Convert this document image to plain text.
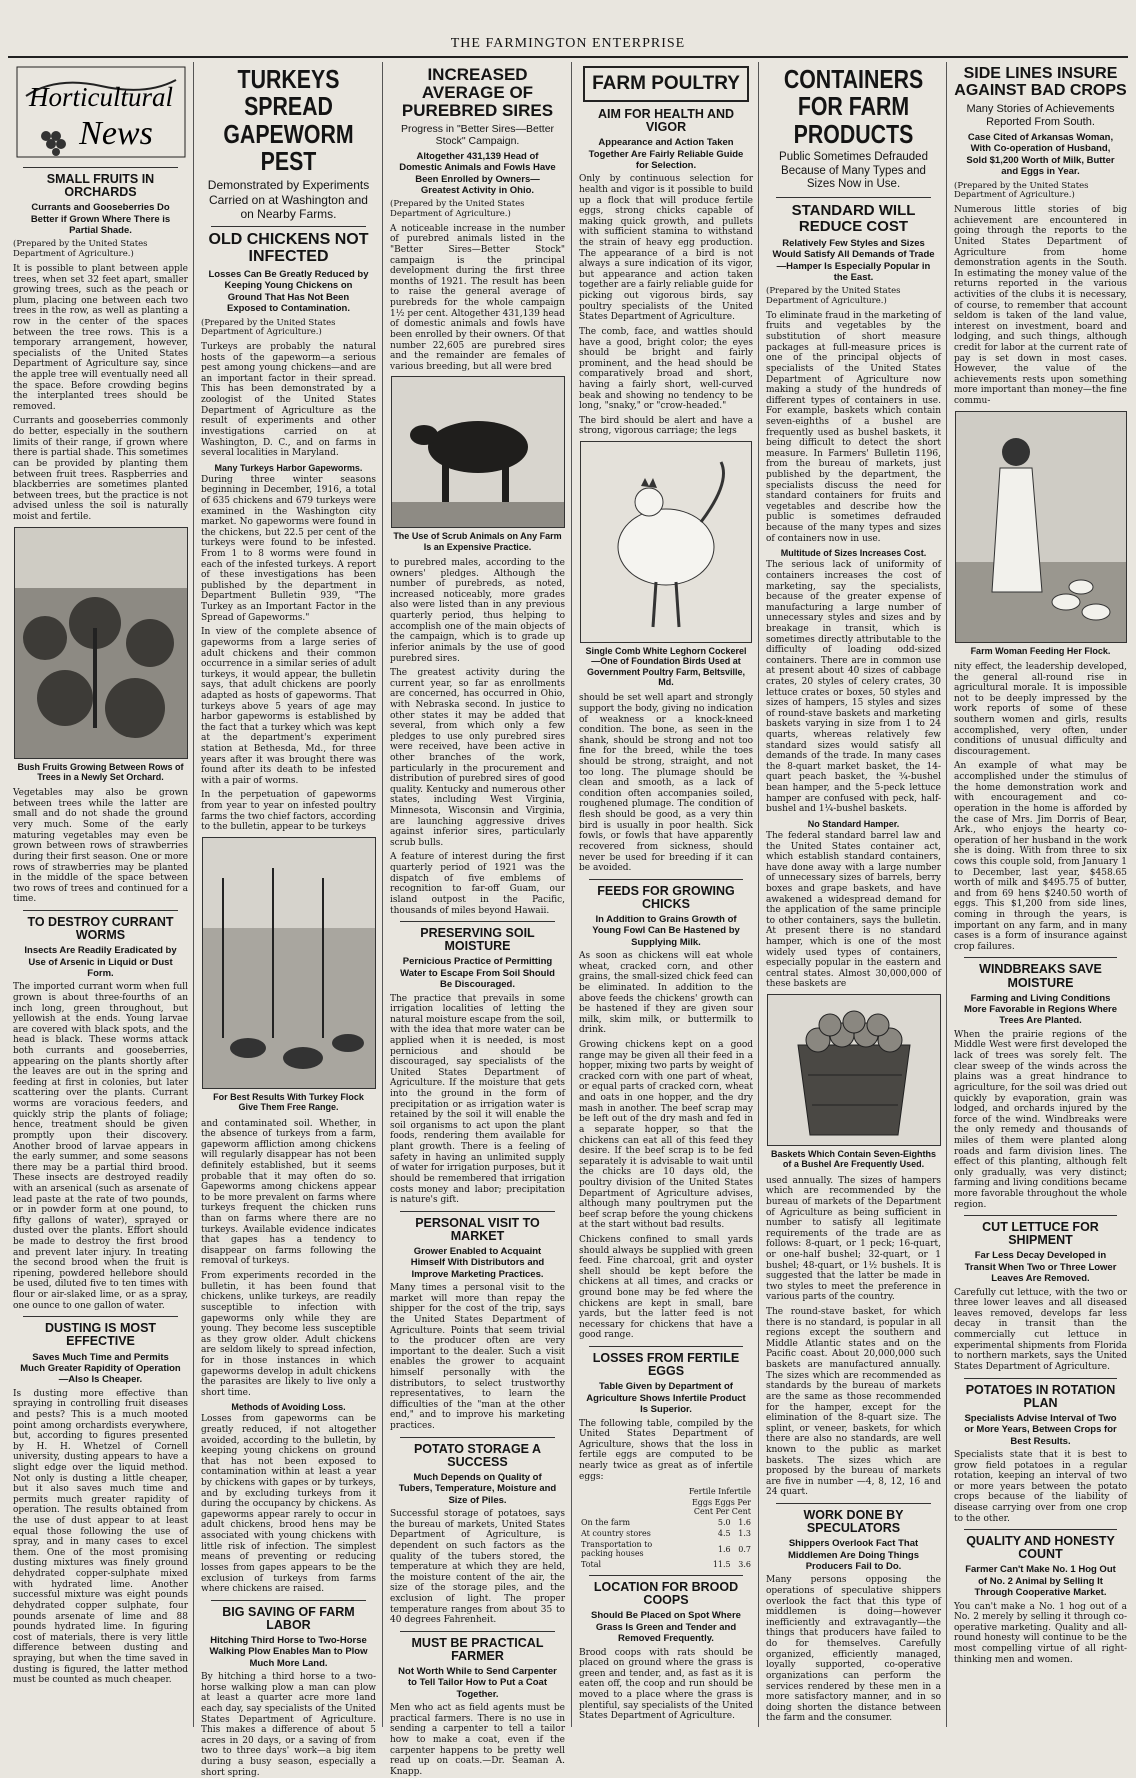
THE FARMINGTON ENTERPRISE
Horticultural
News
SMALL FRUITS IN ORCHARDS
Currants and Gooseberries Do Better if Grown Where There is Partial Shade.
(Prepared by the United States Department of Agriculture.)

It is possible to plant between apple trees, when set 32 feet apart, smaller growing trees, such as the peach or plum, placing one between each two trees in the row, as well as planting a row in the center of the spaces between the tree rows. This is a temporary arrangement, however, specialists of the United States Department of Agriculture say, since the apple tree will eventually need all the space. Before crowding begins the interplanted trees should be removed.

Currants and gooseberries commonly do better, especially in the southern limits of their range, if grown where there is partial shade. This sometimes can be provided by planting them between fruit trees. Raspberries and blackberries are sometimes planted between trees, but the practice is not advised unless the soil is naturally moist and fertile.

Bush Fruits Growing Between Rows of Trees in a Newly Set Orchard.

Vegetables may also be grown between trees while the latter are small and do not shade the ground very much. Some of the early maturing vegetables may even be grown between rows of strawberries during their first season. One or more rows of strawberries may be planted in the middle of the space between two rows of trees and continued for a time.

TO DESTROY CURRANT WORMS
Insects Are Readily Eradicated by Use of Arsenic in Liquid or Dust Form.

The imported currant worm when full grown is about three-fourths of an inch long, green throughout, but yellowish at the ends. Young larvae are covered with black spots, and the head is black. These worms attack both currants and gooseberries, appearing on the plants shortly after the leaves are out in the spring and feeding at first in colonies, but later scattering over the plants. Currant worms are voracious feeders, and quickly strip the plants of foliage; hence, treatment should be given promptly upon their discovery. Another brood of larvae appears in the early summer, and some seasons there may be a partial third brood. These insects are destroyed readily with an arsenical (such as arsenate of lead paste at the rate of two pounds, or in powder form at one pound, to fifty gallons of water), sprayed or dusted over the plants. Effort should be made to destroy the first brood and prevent later injury. In treating the second brood when the fruit is ripening, powdered hellebore should be used, diluted five to ten times with flour or air-slaked lime, or as a spray, one ounce to one gallon of water.

DUSTING IS MOST EFFECTIVE
Saves Much Time and Permits Much Greater Rapidity of Operation—Also Is Cheaper.

Is dusting more effective than spraying in controlling fruit diseases and pests? This is a much mooted point among orchardists everywhere, but, according to figures presented by H. H. Whetzel of Cornell university, dusting appears to have a slight edge over the liquid method. Not only is dusting a little cheaper, but it also saves much time and permits much greater rapidity of operation. The results obtained from the use of dust appear to at least equal those following the use of spray, and in many cases to excel them. One of the most promising dusting mixtures was finely ground dehydrated copper-sulphate mixed with hydrated lime. Another successful mixture was eight pounds dehydrated copper sulphate, four pounds arsenate of lime and 88 pounds hydrated lime. In figuring cost of materials, there is very little difference between dusting and spraying, but when the time saved in dusting is figured, the latter method must be counted as much cheaper.

TURKEYS SPREAD GAPEWORM PEST
Demonstrated by Experiments Carried on at Washington and on Nearby Farms.
OLD CHICKENS NOT INFECTED
Losses Can Be Greatly Reduced by Keeping Young Chickens on Ground That Has Not Been Exposed to Contamination.
(Prepared by the United States Department of Agriculture.)

Turkeys are probably the natural hosts of the gapeworm—a serious pest among young chickens—and are an important factor in their spread. This has been demonstrated by a zoologist of the United States Department of Agriculture as the result of experiments and other investigations carried on at Washington, D. C., and on farms in several localities in Maryland.

Many Turkeys Harbor Gapeworms.

During three winter seasons beginning in December, 1916, a total of 635 chickens and 679 turkeys were examined in the Washington city market. No gapeworms were found in the chickens, but 22.5 per cent of the turkeys were found to be infested. From 1 to 8 worms were found in each of the infested turkeys. A report of these investigations has been published by the department in Department Bulletin 939, "The Turkey as an Important Factor in the Spread of Gapeworms."

In view of the complete absence of gapeworms from a large series of adult chickens and their common occurrence in a similar series of adult turkeys, it would appear, the bulletin says, that adult chickens are poorly adapted as hosts of gapeworms. That turkeys above 5 years of age may harbor gapeworms is established by the fact that a turkey which was kept at the department's experiment station at Bethesda, Md., for three years after it was brought there was found after its death to be infested with a pair of worms.

In the perpetuation of gapeworms from year to year on infested poultry farms the two chief factors, according to the bulletin, appear to be turkeys

For Best Results With Turkey Flock Give Them Free Range.

and contaminated soil. Whether, in the absence of turkeys from a farm, gapeworm affliction among chickens will regularly disappear has not been definitely established, but it seems probable that it may often do so. Gapeworms among chickens appear to be more prevalent on farms where turkeys frequent the chicken runs than on farms where there are no turkeys. Available evidence indicates that gapes has a tendency to disappear on farms following the removal of turkeys.

From experiments recorded in the bulletin, it has been found that chickens, unlike turkeys, are readily susceptible to infection with gapeworms only while they are young. They become less susceptible as they grow older. Adult chickens are seldom likely to spread infection, for in those instances in which gapeworms develop in adult chickens the parasites are likely to live only a short time.

Methods of Avoiding Loss.

Losses from gapeworms can be greatly reduced, if not altogether avoided, according to the bulletin, by keeping young chickens on ground that has not been exposed to contamination within at least a year by chickens with gapes or by turkeys, and by excluding turkeys from it during the occupancy by chickens. As gapeworms appear rarely to occur in adult chickens, brood hens may be associated with young chickens with little risk of infection. The simplest means of preventing or reducing losses from gapes appears to be the exclusion of turkeys from farms where chickens are raised.

BIG SAVING OF FARM LABOR
Hitching Third Horse to Two-Horse Walking Plow Enables Man to Plow Much More Land.

By hitching a third horse to a two-horse walking plow a man can plow at least a quarter acre more land each day, say specialists of the United States Department of Agriculture. This makes a difference of about 5 acres in 20 days, or a saving of from two to three days' work—a big item during a busy season, especially a short spring.

INCREASED AVERAGE OF PUREBRED SIRES
Progress in "Better Sires—Better Stock" Campaign.
Altogether 431,139 Head of Domestic Animals and Fowls Have Been Enrolled by Owners—Greatest Activity in Ohio.
(Prepared by the United States Department of Agriculture.)

A noticeable increase in the number of purebred animals listed in the "Better Sires—Better Stock" campaign is the principal development during the first three months of 1921. The result has been to raise the general average of purebreds for the whole campaign 1½ per cent. Altogether 431,139 head of domestic animals and fowls have been enrolled by their owners. Of that number 22,605 are purebred sires and the remainder are females of various breeding, but all were bred

The Use of Scrub Animals on Any Farm Is an Expensive Practice.

to purebred males, according to the owners' pledges. Although the number of purebreds, as noted, increased noticeably, more grades also were listed than in any previous quarterly period, thus helping to accomplish one of the main objects of the campaign, which is to grade up inferior animals by the use of good purebred sires.

The greatest activity during the current year, so far as enrollments are concerned, has occurred in Ohio, with Nebraska second. In justice to other states it may be added that several, from which only a few pledges to use only purebred sires were received, have been active in other branches of the work, particularly in the procurement and distribution of purebred sires of good quality. Kentucky and numerous other states, including West Virginia, Minnesota, Wisconsin and Virginia, are launching aggressive drives against inferior sires, particularly scrub bulls.

A feature of interest during the first quarterly period of 1921 was the dispatch of five emblems of recognition to far-off Guam, our island outpost in the Pacific, thousands of miles beyond Hawaii.

PRESERVING SOIL MOISTURE
Pernicious Practice of Permitting Water to Escape From Soil Should Be Discouraged.

The practice that prevails in some irrigation localities of letting the natural moisture escape from the soil, with the idea that more water can be applied when it is needed, is most pernicious and should be discouraged, say specialists of the United States Department of Agriculture. If the moisture that gets into the ground in the form of precipitation or as irrigation water is retained by the soil it will enable the soil organisms to act upon the plant foods, rendering them available for plant growth. There is a feeling of safety in having an unlimited supply of water for irrigation purposes, but it should be remembered that irrigation costs money and labor; precipitation is nature's gift.

PERSONAL VISIT TO MARKET
Grower Enabled to Acquaint Himself With Distributors and Improve Marketing Practices.

Many times a personal visit to the market will more than repay the shipper for the cost of the trip, says the United States Department of Agriculture. Points that seem trivial to the producer often are very important to the dealer. Such a visit enables the grower to acquaint himself personally with the distributors, to select trustworthy representatives, to learn the difficulties of the "man at the other end," and to improve his marketing practices.

POTATO STORAGE A SUCCESS
Much Depends on Quality of Tubers, Temperature, Moisture and Size of Piles.

Successful storage of potatoes, says the bureau of markets, United States Department of Agriculture, is dependent on such factors as the quality of the tubers stored, the temperature at which they are held, the moisture content of the air, the size of the storage piles, and the exclusion of light. The proper temperature ranges from about 35 to 40 degrees Fahrenheit.

MUST BE PRACTICAL FARMER
Not Worth While to Send Carpenter to Tell Tailor How to Put a Coat Together.

Men who act as field agents must be practical farmers. There is no use in sending a carpenter to tell a tailor how to make a coat, even if the carpenter happens to be pretty well read up on coats.—Dr. Seaman A. Knapp.

FARM POULTRY
AIM FOR HEALTH AND VIGOR
Appearance and Action Taken Together Are Fairly Reliable Guide for Selection.

Only by continuous selection for health and vigor is it possible to build up a flock that will produce fertile eggs, strong chicks capable of making quick growth, and pullets with sufficient stamina to withstand the strain of heavy egg production. The appearance of a bird is not always a sure indication of its vigor, but appearance and action taken together are a fairly reliable guide for picking out vigorous birds, say poultry specialists of the United States Department of Agriculture.

The comb, face, and wattles should have a good, bright color; the eyes should be bright and fairly prominent, and the head should be comparatively broad and short, having a fairly short, well-curved beak and showing no tendency to be long, "snaky," or "crow-headed."

The bird should be alert and have a strong, vigorous carriage; the legs

Single Comb White Leghorn Cockerel —One of Foundation Birds Used at Government Poultry Farm, Beltsville, Md.

should be set well apart and strongly support the body, giving no indication of weakness or a knock-kneed condition. The bone, as seen in the shank, should be strong and not too fine for the breed, while the toes should be strong, straight, and not too long. The plumage should be clean and smooth, as a lack of condition often accompanies soiled, roughened plumage. The condition of flesh should be good, as a very thin bird is usually in poor health. Sick fowls, or fowls that have apparently recovered from sickness, should never be used for breeding if it can be avoided.

FEEDS FOR GROWING CHICKS
In Addition to Grains Growth of Young Fowl Can Be Hastened by Supplying Milk.

As soon as chickens will eat whole wheat, cracked corn, and other grains, the small-sized chick feed can be eliminated. In addition to the above feeds the chickens' growth can be hastened if they are given sour milk, skim milk, or buttermilk to drink.

Growing chickens kept on a good range may be given all their feed in a hopper, mixing two parts by weight of cracked corn with one part of wheat, or equal parts of cracked corn, wheat and oats in one hopper, and the dry mash in another. The beef scrap may be left out of the dry mash and fed in a separate hopper, so that the chickens can eat all of this feed they desire. If the beef scrap is to be fed separately it is advisable to wait until the chicks are 10 days old, the poultry division of the United States Department of Agriculture advises, although many poultrymen put the beef scrap before the young chickens at the start without bad results.

Chickens confined to small yards should always be supplied with green feed. Fine charcoal, grit and oyster shell should be kept before the chickens at all times, and cracks or ground bone may be fed where the chickens are kept in small, bare yards, but the latter feed is not necessary for chickens that have a good range.

LOSSES FROM FERTILE EGGS
Table Given by Department of Agriculture Shows Infertile Product Is Superior.

The following table, compiled by the United States Department of Agriculture, shows that the loss in fertile eggs are computed to be nearly twice as great as of infertile eggs:

	Fertile Infertile
	Eggs Eggs Per Cent Per Cent
On the farm	5.0 1.6
At country stores	4.5 1.3
Transportation to packing houses	1.6 0.7
Total	11.5 3.6
LOCATION FOR BROOD COOPS
Should Be Placed on Spot Where Grass Is Green and Tender and Removed Frequently.

Brood coops with rats should be placed on ground where the grass is green and tender, and, as fast as it is eaten off, the coop and run should be moved to a place where the grass is plentiful, say specialists of the United States Department of Agriculture.

CONTAINERS FOR FARM PRODUCTS
Public Sometimes Defrauded Because of Many Types and Sizes Now in Use.
STANDARD WILL REDUCE COST
Relatively Few Styles and Sizes Would Satisfy All Demands of Trade—Hamper Is Especially Popular in the East.
(Prepared by the United States Department of Agriculture.)

To eliminate fraud in the marketing of fruits and vegetables by the substitution of short measure packages at full-measure prices is one of the principal objects of specialists of the United States Department of Agriculture now making a study of the hundreds of different types of containers in use. For example, baskets which contain seven-eighths of a bushel are frequently used as bushel baskets, it being difficult to detect the short measure. In Farmers' Bulletin 1196, from the bureau of markets, just published by the department, the specialists discuss the need for standard containers for fruits and vegetables and describe how the public is sometimes defrauded because of the many types and sizes of containers now in use.

Multitude of Sizes Increases Cost.

The serious lack of uniformity of containers increases the cost of marketing, say the specialists, because of the greater expense of manufacturing a large number of unnecessary styles and sizes and by breakage in transit, which is sometimes directly attributable to the difficulty of loading odd-sized containers. There are in common use at present about 40 sizes of cabbage crates, 20 styles of celery crates, 30 lettuce crates or boxes, 50 styles and sizes of hampers, 15 styles and sizes of round-stave baskets and marketing baskets varying in size from 1 to 24 quarts, whereas relatively few standard sizes would satisfy all demands of the trade. In many cases the 8-quart market basket, the 14-quart peach basket, the ¾-bushel bean hamper, and the 5-peck lettuce hamper are confused with peck, half-bushel and 1¼-bushel baskets.

No Standard Hamper.

The federal standard barrel law and the United States container act, which establish standard containers, have done away with a large number of unnecessary sizes of barrels, berry boxes and grape baskets, and have awakened a widespread demand for the application of the same principle to other containers, says the bulletin. At present there is no standard hamper, which is one of the most widely used types of containers, especially popular in the eastern and central states. Almost 30,000,000 of these baskets are

Baskets Which Contain Seven-Eighths of a Bushel Are Frequently Used.

used annually. The sizes of hampers which are recommended by the bureau of markets of the Department of Agriculture as being sufficient in number to satisfy all legitimate requirements of the trade are as follows: 8-quart, or 1 peck; 16-quart, or one-half bushel; 32-quart, or 1 bushel; 48-quart, or 1½ bushels. It is suggested that the latter be made in two styles to meet the preference in various parts of the country.

The round-stave basket, for which there is no standard, is popular in all regions except the southern and Middle Atlantic states and on the Pacific coast. About 20,000,000 such baskets are manufactured annually. The sizes which are recommended as standards by the bureau of markets are the same as those recommended for the hamper, except for the elimination of the 8-quart size. The splint, or veneer, baskets, for which there are also no standards, are well known to the public as market baskets. The sizes which are proposed by the bureau of markets are five in number —4, 8, 12, 16 and 24 quart.

WORK DONE BY SPECULATORS
Shippers Overlook Fact That Middlemen Are Doing Things Producers Fail to Do.

Many persons opposing the operations of speculative shippers overlook the fact that this type of middlemen is doing—however inefficiently and extravagantly—the things that producers have failed to do for themselves. Carefully organized, efficiently managed, loyally supported, co-operative organizations can perform the services rendered by these men in a more satisfactory manner, and in so doing shorten the distance between the farm and the consumer.

SIDE LINES INSURE AGAINST BAD CROPS
Many Stories of Achievements Reported From South.
Case Cited of Arkansas Woman, With Co-operation of Husband, Sold $1,200 Worth of Milk, Butter and Eggs in Year.
(Prepared by the United States Department of Agriculture.)

Numerous little stories of big achievement are encountered in going through the reports to the United States Department of Agriculture from home demonstration agents in the South. In estimating the money value of the returns reported in the various activities of the clubs it is necessary, of course, to remember that account seldom is taken of the land value, interest on investment, board and lodging, and such things, although credit for labor at the current rate of pay is set down in most cases. However, the value of the achievements rests upon something more important than money—the fine commu-

Farm Woman Feeding Her Flock.

nity effect, the leadership developed, the general all-round rise in agricultural morale. It is impossible not to be deeply impressed by the work reports of some of these southern women and girls, results accomplished, very often, under conditions of unusual difficulty and discouragement.

An example of what may be accomplished under the stimulus of the home demonstration work and with encouragement and co-operation in the home is afforded by the case of Mrs. Jim Dorris of Bear, Ark., who enjoys the hearty co-operation of her husband in the work she is doing. With from three to six cows this couple sold, from January 1 to December, last year, $458.65 worth of milk and $495.75 of butter, and from 69 hens $240.50 worth of eggs. This $1,200 from side lines, coming in through the years, is important on any farm, and in many cases is a form of insurance against crop failures.

WINDBREAKS SAVE MOISTURE
Farming and Living Conditions More Favorable in Regions Where Trees Are Planted.

When the prairie regions of the Middle West were first developed the lack of trees was sorely felt. The clear sweep of the winds across the plains was a great hindrance to agriculture, for the soil was dried out quickly by evaporation, grain was lodged, and orchards injured by the force of the wind. Windbreaks were the only remedy and thousands of miles of them were planted along roads and farm division lines. The effect of this planting, although felt only gradually, was very distinct; farming and living conditions became more favorable throughout the whole region.

CUT LETTUCE FOR SHIPMENT
Far Less Decay Developed in Transit When Two or Three Lower Leaves Are Removed.

Carefully cut lettuce, with the two or three lower leaves and all diseased leaves removed, develops far less decay in transit than the commercially cut lettuce in experimental shipments from Florida to northern markets, says the United States Department of Agriculture.

POTATOES IN ROTATION PLAN
Specialists Advise Interval of Two or More Years, Between Crops for Best Results.

Specialists state that it is best to grow field potatoes in a regular rotation, keeping an interval of two or more years between the potato crops because of the liability of disease carrying over from one crop to the other.

QUALITY AND HONESTY COUNT
Farmer Can't Make No. 1 Hog Out of No. 2 Animal by Selling It Through Cooperative Market.

You can't make a No. 1 hog out of a No. 2 merely by selling it through co-operative marketing. Quality and all-round honesty will continue to be the most compelling virtue of all right-thinking men and women.
